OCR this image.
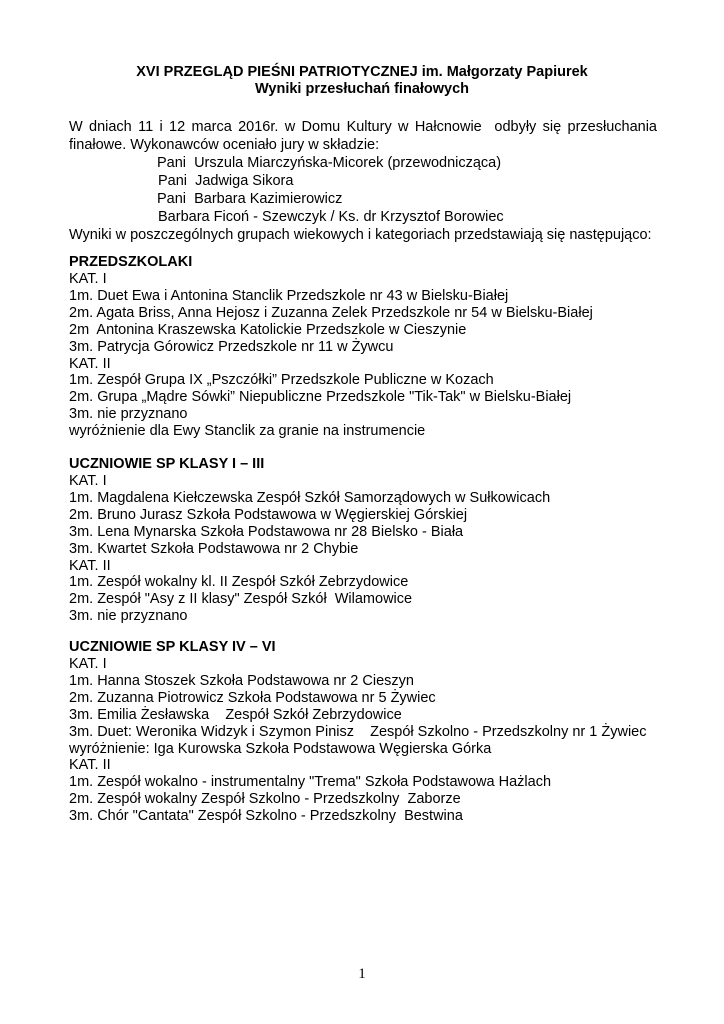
XVI PRZEGLĄD PIEŚNI PATRIOTYCZNEJ im. Małgorzaty Papiurek
Wyniki przesłuchań finałowych
W dniach 11 i 12 marca 2016r. w Domu Kultury w Hałcnowie  odbyły się przesłuchania
finałowe. Wykonawców oceniało jury w składzie:
Pani  Urszula Miarczyńska-Micorek (przewodnicząca)
Pani  Jadwiga Sikora
Pani  Barbara Kazimierowicz
Barbara Ficoń - Szewczyk / Ks. dr Krzysztof Borowiec
Wyniki w poszczególnych grupach wiekowych i kategoriach przedstawiają się następująco:
PRZEDSZKOLAKI
KAT. I
1m. Duet Ewa i Antonina Stanclik Przedszkole nr 43 w Bielsku-Białej
2m. Agata Briss, Anna Hejosz i Zuzanna Zelek Przedszkole nr 54 w Bielsku-Białej
2m  Antonina Kraszewska Katolickie Przedszkole w Cieszynie
3m. Patrycja Górowicz Przedszkole nr 11 w Żywcu
KAT. II
1m. Zespół Grupa IX „Pszczółki” Przedszkole Publiczne w Kozach
2m. Grupa „Mądre Sówki” Niepubliczne Przedszkole "Tik-Tak" w Bielsku-Białej
3m. nie przyznano
wyróżnienie dla Ewy Stanclik za granie na instrumencie
UCZNIOWIE SP KLASY I – III
KAT. I
1m. Magdalena Kiełczewska Zespół Szkół Samorządowych w Sułkowicach
2m. Bruno Jurasz Szkoła Podstawowa w Węgierskiej Górskiej
3m. Lena Mynarska Szkoła Podstawowa nr 28 Bielsko - Biała
3m. Kwartet Szkoła Podstawowa nr 2 Chybie
KAT. II
1m. Zespół wokalny kl. II Zespół Szkół Zebrzydowice
2m. Zespół "Asy z II klasy" Zespół Szkół  Wilamowice
3m. nie przyznano
UCZNIOWIE SP KLASY IV – VI
KAT. I
1m. Hanna Stoszek Szkoła Podstawowa nr 2 Cieszyn
2m. Zuzanna Piotrowicz Szkoła Podstawowa nr 5 Żywiec
3m. Emilia Żesławska    Zespół Szkół Zebrzydowice
3m. Duet: Weronika Widzyk i Szymon Pinisz    Zespół Szkolno - Przedszkolny nr 1 Żywiec
wyróżnienie: Iga Kurowska Szkoła Podstawowa Węgierska Górka
KAT. II
1m. Zespół wokalno - instrumentalny "Trema" Szkoła Podstawowa Hażlach
2m. Zespół wokalny Zespół Szkolno - Przedszkolny  Zaborze
3m. Chór "Cantata" Zespół Szkolno - Przedszkolny  Bestwina
1
